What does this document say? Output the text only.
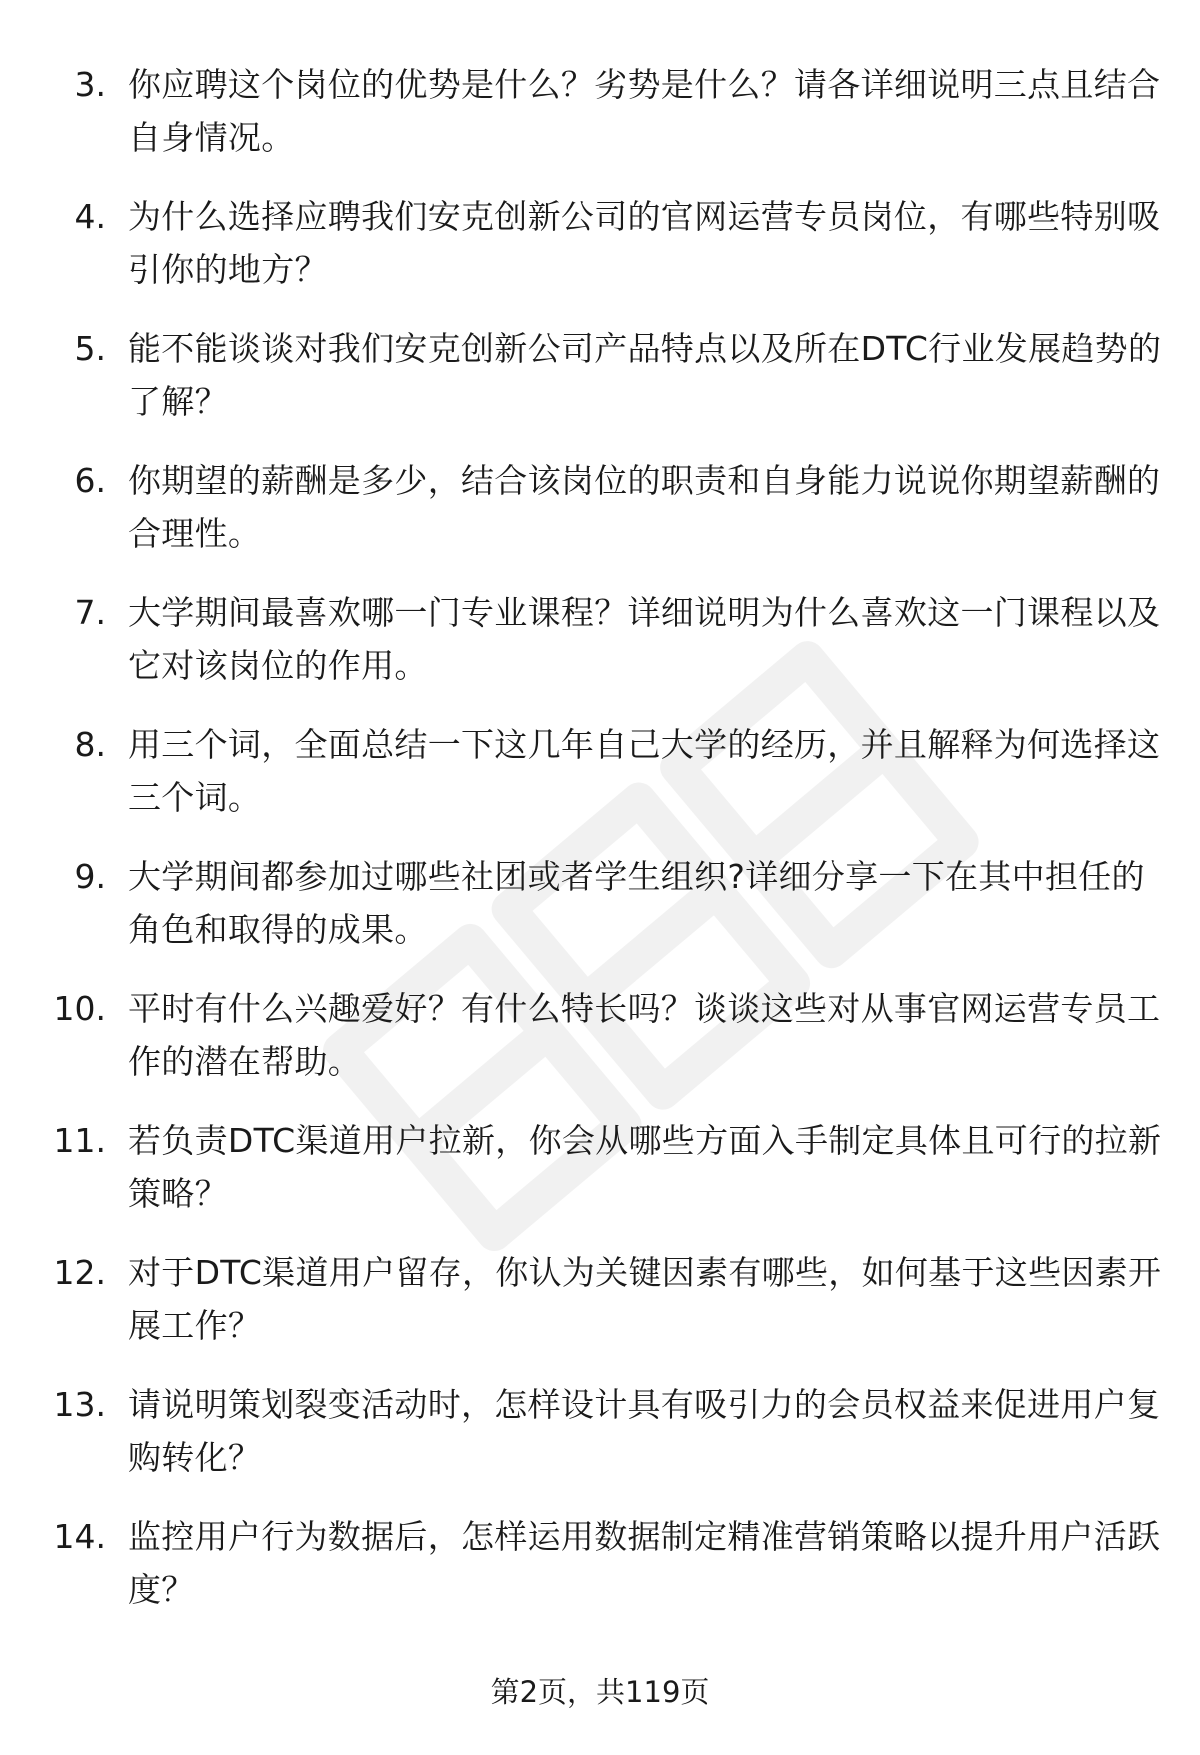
3. 你应聘这个岗位的优势是什么？劣势是什么？请各详细说明三点且结合自身情况。
4. 为什么选择应聘我们安克创新公司的官网运营专员岗位，有哪些特别吸引你的地方？
5. 能不能谈谈对我们安克创新公司产品特点以及所在DTC行业发展趋势的了解？
6. 你期望的薪酬是多少，结合该岗位的职责和自身能力说说你期望薪酬的合理性。
7. 大学期间最喜欢哪一门专业课程？详细说明为什么喜欢这一门课程以及它对该岗位的作用。
8. 用三个词，全面总结一下这几年自己大学的经历，并且解释为何选择这三个词。
9. 大学期间都参加过哪些社团或者学生组织?详细分享一下在其中担任的角色和取得的成果。
10. 平时有什么兴趣爱好？有什么特长吗？谈谈这些对从事官网运营专员工作的潜在帮助。
11. 若负责DTC渠道用户拉新，你会从哪些方面入手制定具体且可行的拉新策略？
12. 对于DTC渠道用户留存，你认为关键因素有哪些，如何基于这些因素开展工作？
13. 请说明策划裂变活动时，怎样设计具有吸引力的会员权益来促进用户复购转化？
14. 监控用户行为数据后，怎样运用数据制定精准营销策略以提升用户活跃度？
第2页，共119页
